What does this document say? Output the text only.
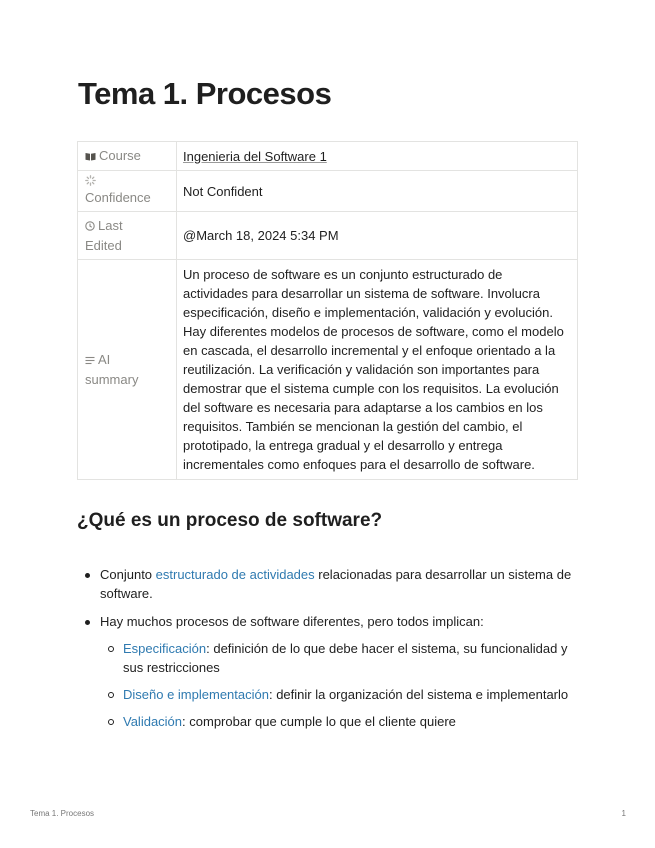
Tema 1. Procesos
Course	Ingenieria del Software 1

Confidence	Not Confident
Last
Edited	@March 18, 2024 5:34 PM
AI
summary	Un proceso de software es un conjunto estructurado de actividades para desarrollar un sistema de software. Involucra especificación, diseño e implementación, validación y evolución. Hay diferentes modelos de procesos de software, como el modelo en cascada, el desarrollo incremental y el enfoque orientado a la reutilización. La verificación y validación son importantes para demostrar que el sistema cumple con los requisitos. La evolución del software es necesaria para adaptarse a los cambios en los requisitos. También se mencionan la gestión del cambio, el prototipado, la entrega gradual y el desarrollo y entrega incrementales como enfoques para el desarrollo de software.
¿Qué es un proceso de software?
Conjunto estructurado de actividades relacionadas para desarrollar un sistema de software.
Hay muchos procesos de software diferentes, pero todos implican:
Especificación: definición de lo que debe hacer el sistema, su funcionalidad y sus restricciones
Diseño e implementación: definir la organización del sistema e implementarlo
Validación: comprobar que cumple lo que el cliente quiere
Tema 1. Procesos	1
